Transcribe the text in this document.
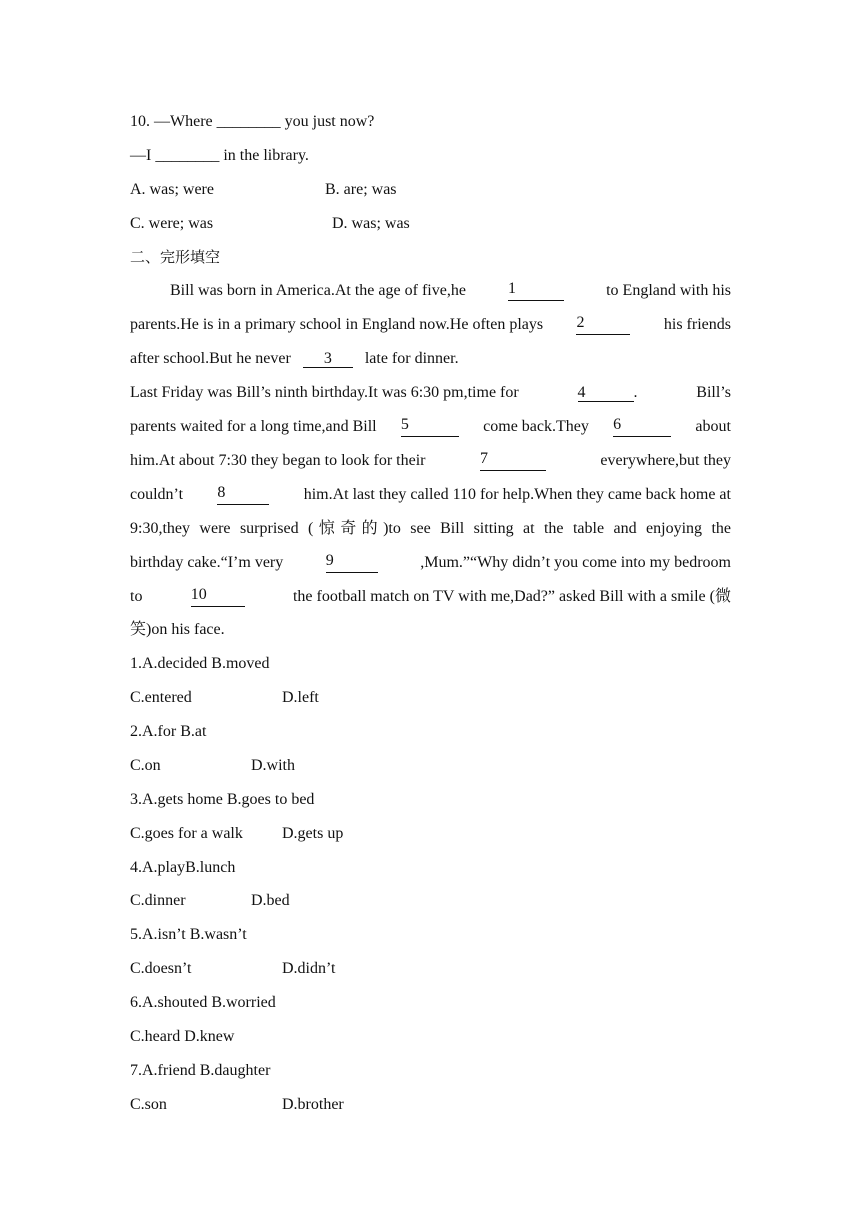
10. —Where ________ you just now?
—I ________ in the library.
A. was; were	B. are; was
C. were; was	D. was; was
二、完形填空
Bill was born in America.At the age of five,he	1	to England with his
parents.He is in a primary school in England now.He often plays 2	his friends
after school.But he never 3 late for dinner.
Last Friday was Bill’s ninth birthday.It was 6:30 pm,time for	4	.	Bill’s
parents waited for a long time,and Bill 5	come back.They 6	about
him.At about 7:30 they began to look for their	7	everywhere,but they
couldn’t 8	him.At last they called 110 for help.When they came back home at
9:30,they were surprised (惊奇的)to see Bill sitting at the table and enjoying the
birthday cake.“I’m very	9	,Mum.”“Why didn’t you come into my bedroom
to	10	the football match on TV with me,Dad?” asked Bill with a smile (微
笑)on his face.
1.A.decided B.moved
C.entered	D.left
2.A.for B.at
C.on	D.with
3.A.gets home B.goes to bed
C.goes for a walk D.gets up
4.A.playB.lunch
C.dinner	D.bed
5.A.isn’t B.wasn’t
C.doesn’t	D.didn’t
6.A.shouted B.worried
C.heard D.knew
7.A.friend B.daughter
C.son	D.brother
